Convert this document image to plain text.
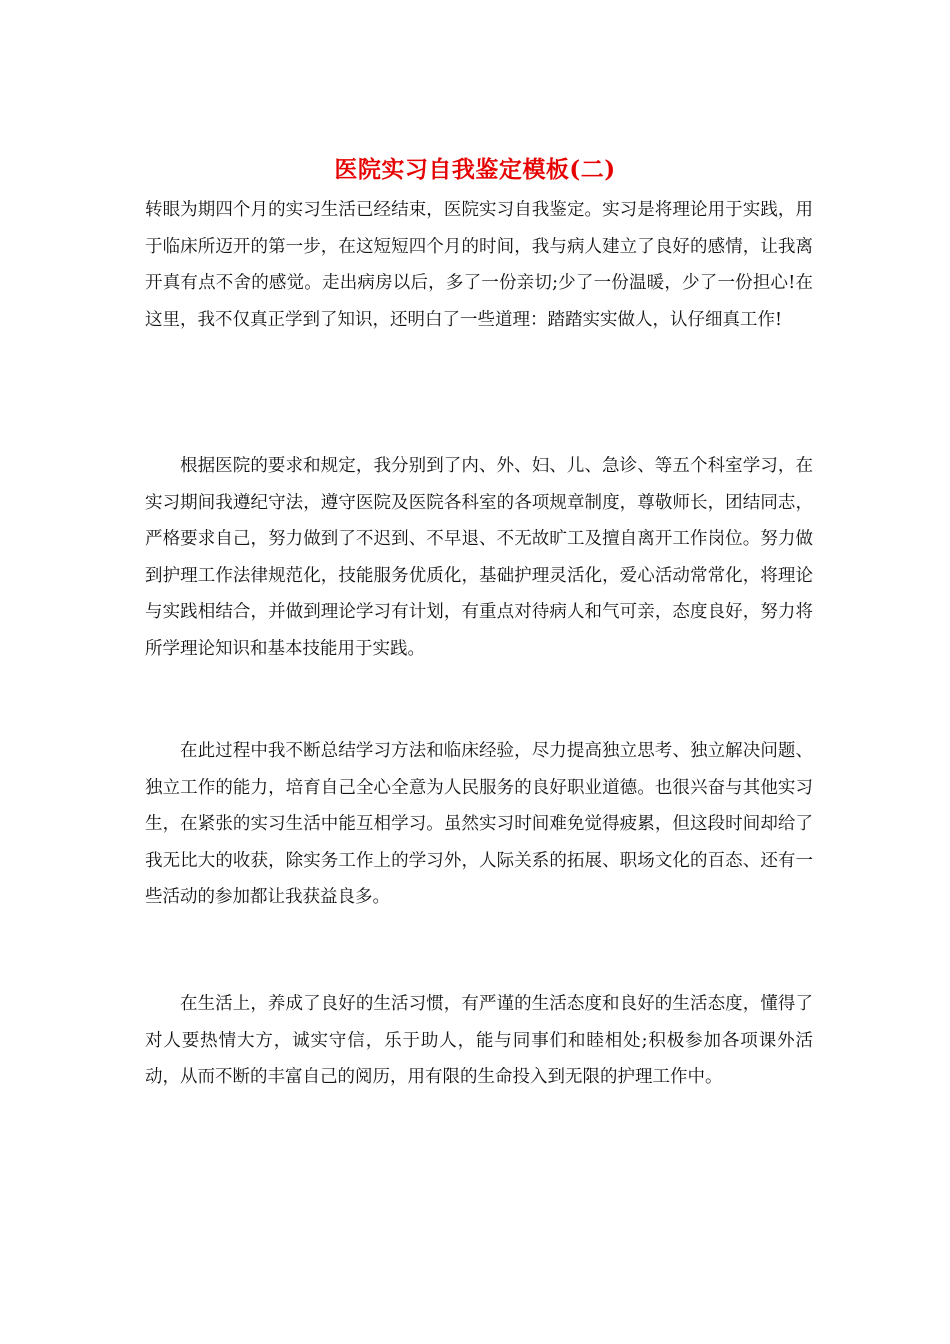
医院实习自我鉴定模板(二)

转眼为期四个月的实习生活已经结束，医院实习自我鉴定。实习是将理论用于实践，用于临床所迈开的第一步，在这短短四个月的时间，我与病人建立了良好的感情，让我离开真有点不舍的感觉。走出病房以后，多了一份亲切;少了一份温暖，少了一份担心!在这里，我不仅真正学到了知识，还明白了一些道理：踏踏实实做人，认仔细真工作!

根据医院的要求和规定，我分别到了内、外、妇、儿、急诊、等五个科室学习，在实习期间我遵纪守法，遵守医院及医院各科室的各项规章制度，尊敬师长，团结同志，严格要求自己，努力做到了不迟到、不早退、不无故旷工及擅自离开工作岗位。努力做到护理工作法律规范化，技能服务优质化，基础护理灵活化，爱心活动常常化，将理论与实践相结合，并做到理论学习有计划，有重点对待病人和气可亲，态度良好，努力将所学理论知识和基本技能用于实践。

在此过程中我不断总结学习方法和临床经验，尽力提高独立思考、独立解决问题、独立工作的能力，培育自己全心全意为人民服务的良好职业道德。也很兴奋与其他实习生，在紧张的实习生活中能互相学习。虽然实习时间难免觉得疲累，但这段时间却给了我无比大的收获，除实务工作上的学习外，人际关系的拓展、职场文化的百态、还有一些活动的参加都让我获益良多。

在生活上，养成了良好的生活习惯，有严谨的生活态度和良好的生活态度，懂得了对人要热情大方，诚实守信，乐于助人，能与同事们和睦相处;积极参加各项课外活动，从而不断的丰富自己的阅历，用有限的生命投入到无限的护理工作中。
